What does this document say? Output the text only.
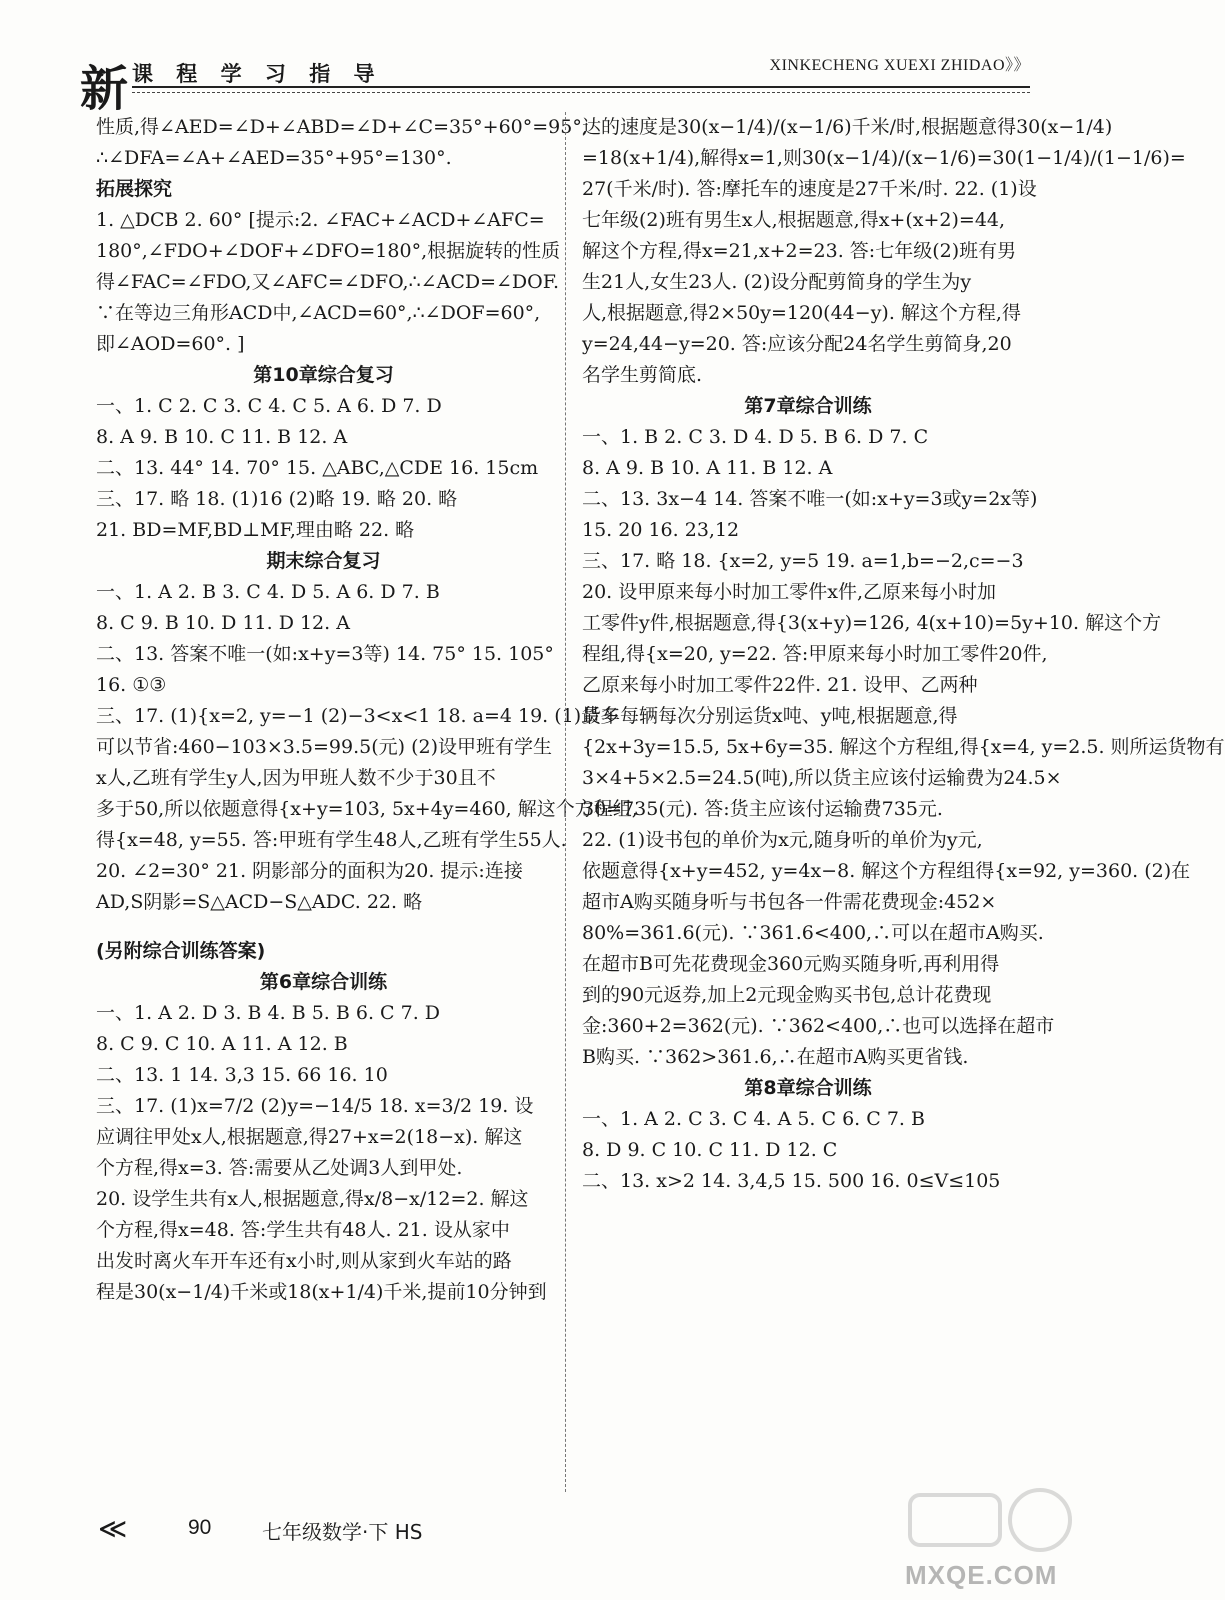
新 课 程 学 习 指 导	XINKECHENG XUEXI ZHIDAO》》
性质,得∠AED=∠D+∠ABD=∠D+∠C=35°+60°=95°,
∴∠DFA=∠A+∠AED=35°+95°=130°.
拓展探究
1. △DCB 2. 60° [提示:2. ∠FAC+∠ACD+∠AFC=
180°,∠FDO+∠DOF+∠DFO=180°,根据旋转的性质
得∠FAC=∠FDO,又∠AFC=∠DFO,∴∠ACD=∠DOF.
∵在等边三角形ACD中,∠ACD=60°,∴∠DOF=60°,
即∠AOD=60°. ]
第10章综合复习
一、1. C 2. C 3. C 4. C 5. A 6. D 7. D
8. A 9. B 10. C 11. B 12. A
二、13. 44° 14. 70° 15. △ABC,△CDE 16. 15cm
三、17. 略 18. (1)16 (2)略 19. 略 20. 略
21. BD=MF,BD⊥MF,理由略 22. 略
期末综合复习
一、1. A 2. B 3. C 4. D 5. A 6. D 7. B
8. C 9. B 10. D 11. D 12. A
二、13. 答案不唯一(如:x+y=3等) 14. 75° 15. 105°
16. ①③
三、17. (1){x=2, y=−1 (2)−3<x<1 18. a=4 19. (1)最多
可以节省:460−103×3.5=99.5(元) (2)设甲班有学生
x人,乙班有学生y人,因为甲班人数不少于30且不
多于50,所以依题意得{x+y=103, 5x+4y=460, 解这个方程组,
得{x=48, y=55. 答:甲班有学生48人,乙班有学生55人.
20. ∠2=30° 21. 阴影部分的面积为20. 提示:连接
AD,S阴影=S△ACD−S△ADC. 22. 略
(另附综合训练答案)
第6章综合训练
一、1. A 2. D 3. B 4. B 5. B 6. C 7. D
8. C 9. C 10. A 11. A 12. B
二、13. 1 14. 3,3 15. 66 16. 10
三、17. (1)x=7/2 (2)y=−14/5 18. x=3/2 19. 设
应调往甲处x人,根据题意,得27+x=2(18−x). 解这
个方程,得x=3. 答:需要从乙处调3人到甲处.
20. 设学生共有x人,根据题意,得x/8−x/12=2. 解这
个方程,得x=48. 答:学生共有48人. 21. 设从家中
出发时离火车开车还有x小时,则从家到火车站的路
程是30(x−1/4)千米或18(x+1/4)千米,提前10分钟到
达的速度是30(x−1/4)/(x−1/6)千米/时,根据题意得30(x−1/4)
=18(x+1/4),解得x=1,则30(x−1/4)/(x−1/6)=30(1−1/4)/(1−1/6)=
27(千米/时). 答:摩托车的速度是27千米/时. 22. (1)设
七年级(2)班有男生x人,根据题意,得x+(x+2)=44,
解这个方程,得x=21,x+2=23. 答:七年级(2)班有男
生21人,女生23人. (2)设分配剪简身的学生为y
人,根据题意,得2×50y=120(44−y). 解这个方程,得
y=24,44−y=20. 答:应该分配24名学生剪简身,20
名学生剪简底.
第7章综合训练
一、1. B 2. C 3. D 4. D 5. B 6. D 7. C
8. A 9. B 10. A 11. B 12. A
二、13. 3x−4 14. 答案不唯一(如:x+y=3或y=2x等)
15. 20 16. 23,12
三、17. 略 18. {x=2, y=5 19. a=1,b=−2,c=−3
20. 设甲原来每小时加工零件x件,乙原来每小时加
工零件y件,根据题意,得{3(x+y)=126, 4(x+10)=5y+10. 解这个方
程组,得{x=20, y=22. 答:甲原来每小时加工零件20件,
乙原来每小时加工零件22件. 21. 设甲、乙两种
货车每辆每次分别运货x吨、y吨,根据题意,得
{2x+3y=15.5, 5x+6y=35. 解这个方程组,得{x=4, y=2.5. 则所运货物有
3×4+5×2.5=24.5(吨),所以货主应该付运输费为24.5×
30=735(元). 答:货主应该付运输费735元.
22. (1)设书包的单价为x元,随身听的单价为y元,
依题意得{x+y=452, y=4x−8. 解这个方程组得{x=92, y=360. (2)在
超市A购买随身听与书包各一件需花费现金:452×
80%=361.6(元). ∵361.6<400,∴可以在超市A购买.
在超市B可先花费现金360元购买随身听,再利用得
到的90元返券,加上2元现金购买书包,总计花费现
金:360+2=362(元). ∵362<400,∴也可以选择在超市
B购买. ∵362>361.6,∴在超市A购买更省钱.
第8章综合训练
一、1. A 2. C 3. C 4. A 5. C 6. C 7. B
8. D 9. C 10. C 11. D 12. C
二、13. x>2 14. 3,4,5 15. 500 16. 0≤V≤105
≪	90	七年级数学·下 HS
MXQE.COM
